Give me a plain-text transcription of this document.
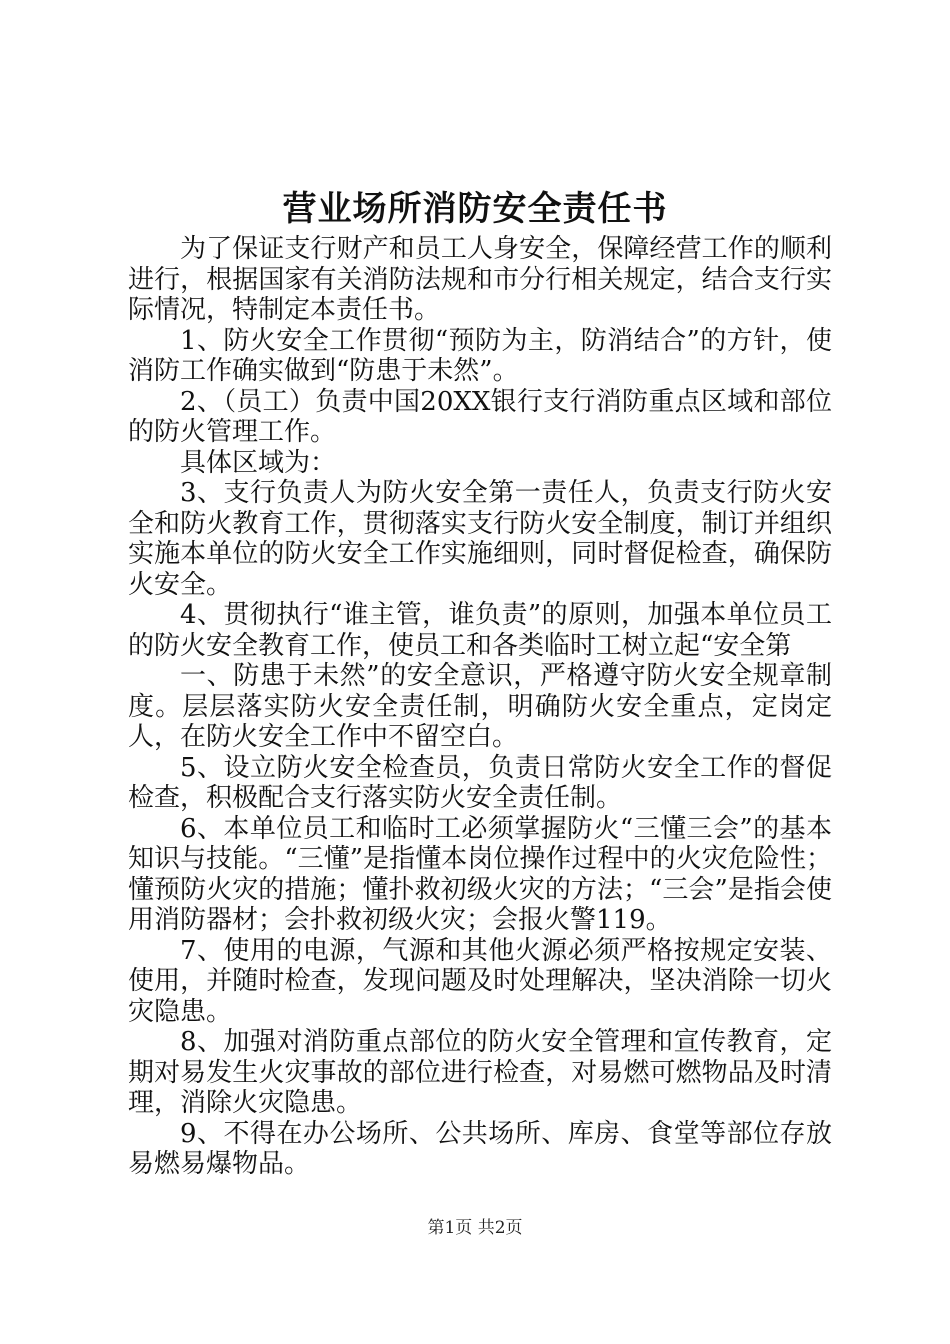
营业场所消防安全责任书

为了保证支行财产和员工人身安全，保障经营工作的顺利进行，根据国家有关消防法规和市分行相关规定，结合支行实际情况，特制定本责任书。

1、防火安全工作贯彻“预防为主，防消结合”的方针，使消防工作确实做到“防患于未然”。

2、（员工）负责中国20XX银行支行消防重点区域和部位的防火管理工作。

具体区域为：

3、支行负责人为防火安全第一责任人，负责支行防火安全和防火教育工作，贯彻落实支行防火安全制度，制订并组织实施本单位的防火安全工作实施细则，同时督促检查，确保防火安全。

4、贯彻执行“谁主管，谁负责”的原则，加强本单位员工的防火安全教育工作，使员工和各类临时工树立起“安全第

一、防患于未然”的安全意识，严格遵守防火安全规章制度。层层落实防火安全责任制，明确防火安全重点，定岗定人，在防火安全工作中不留空白。

5、设立防火安全检查员，负责日常防火安全工作的督促检查，积极配合支行落实防火安全责任制。

6、本单位员工和临时工必须掌握防火“三懂三会”的基本知识与技能。“三懂”是指懂本岗位操作过程中的火灾危险性；懂预防火灾的措施；懂扑救初级火灾的方法；“三会”是指会使用消防器材；会扑救初级火灾；会报火警119。

7、使用的电源，气源和其他火源必须严格按规定安装、使用，并随时检查，发现问题及时处理解决，坚决消除一切火灾隐患。

8、加强对消防重点部位的防火安全管理和宣传教育，定期对易发生火灾事故的部位进行检查，对易燃可燃物品及时清理，消除火灾隐患。

9、不得在办公场所、公共场所、库房、食堂等部位存放易燃易爆物品。

第1页 共2页
